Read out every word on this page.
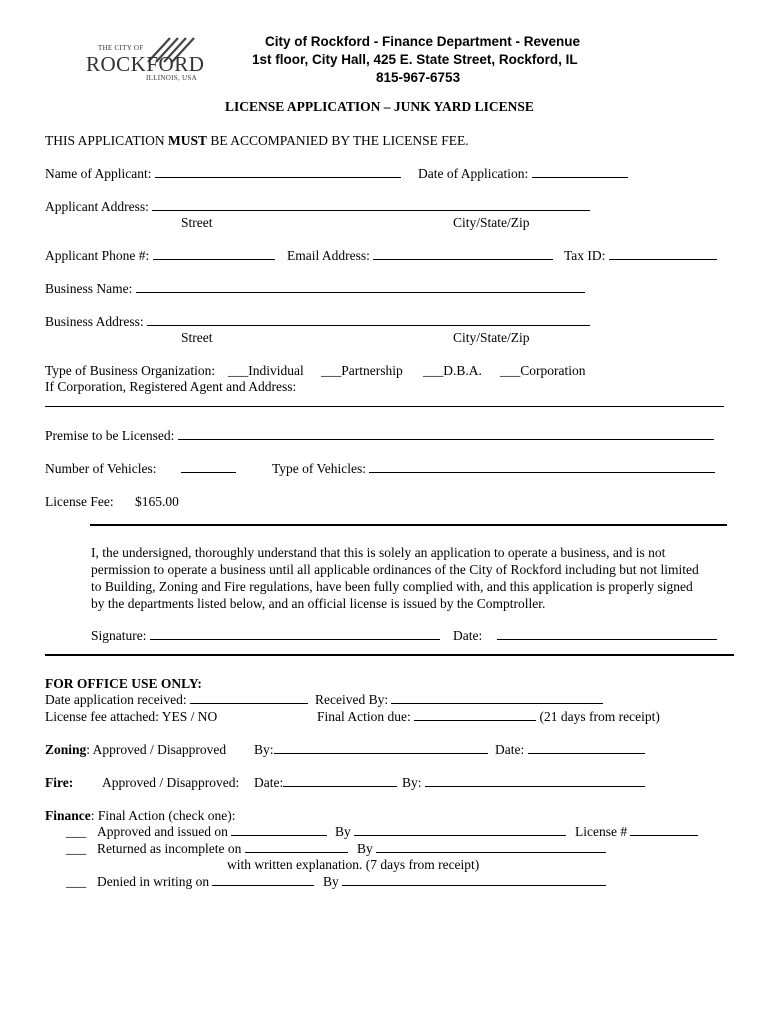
THE CITY OF
ROCKFORD
ILLINOIS, USA
City of Rockford - Finance Department - Revenue
1st floor, City Hall, 425 E. State Street, Rockford, IL
815-967-6753
LICENSE APPLICATION – JUNK YARD LICENSE
THIS APPLICATION MUST BE ACCOMPANIED BY THE LICENSE FEE.
Name of Applicant:	Date of Application:
Applicant Address:
Street	City/State/Zip
Applicant Phone #:	Email Address:	Tax ID:
Business Name:
Business Address:
Street	City/State/Zip
Type of Business Organization: ___Individual ___Partnership ___D.B.A. ___Corporation
If Corporation, Registered Agent and Address:
Premise to be Licensed:
Number of Vehicles:	Type of Vehicles:
License Fee: $165.00
I, the undersigned, thoroughly understand that this is solely an application to operate a business, and is not
permission to operate a business until all applicable ordinances of the City of Rockford including but not limited
to Building, Zoning and Fire regulations, have been fully complied with, and this application is properly signed
by the departments listed below, and an official license is issued by the Comptroller.
Signature:	Date:
FOR OFFICE USE ONLY:
Date application received:	Received By:
License fee attached: YES / NO	Final Action due:	(21 days from receipt)
Zoning: Approved / Disapproved By:	Date:
Fire: Approved / Disapproved: Date:	By:
Finance: Final Action (check one):
___ Approved and issued on	By	License #
___ Returned as incomplete on	By
with written explanation. (7 days from receipt)
___ Denied in writing on	By
